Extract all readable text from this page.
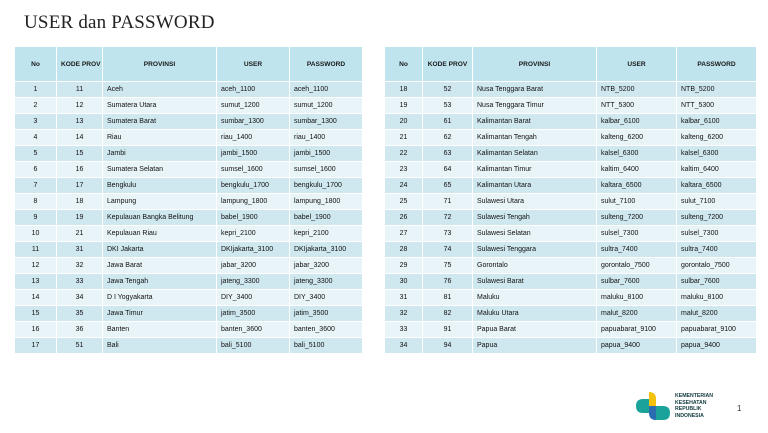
USER dan PASSWORD
No	KODE PROV	PROVINSI	USER	PASSWORD
1	11	Aceh	aceh_1100	aceh_1100
2	12	Sumatera Utara	sumut_1200	sumut_1200
3	13	Sumatera Barat	sumbar_1300	sumbar_1300
4	14	Riau	riau_1400	riau_1400
5	15	Jambi	jambi_1500	jambi_1500
6	16	Sumatera Selatan	sumsel_1600	sumsel_1600
7	17	Bengkulu	bengkulu_1700	bengkulu_1700
8	18	Lampung	lampung_1800	lampung_1800
9	19	Kepulauan Bangka Belitung	babel_1900	babel_1900
10	21	Kepulauan Riau	kepri_2100	kepri_2100
11	31	DKI Jakarta	DKIjakarta_3100	DKIjakarta_3100
12	32	Jawa Barat	jabar_3200	jabar_3200
13	33	Jawa Tengah	jateng_3300	jateng_3300
14	34	D I Yogyakarta	DIY_3400	DIY_3400
15	35	Jawa Timur	jatim_3500	jatim_3500
16	36	Banten	banten_3600	banten_3600
17	51	Bali	bali_5100	bali_5100
No	KODE PROV	PROVINSI	USER	PASSWORD
18	52	Nusa Tenggara Barat	NTB_5200	NTB_5200
19	53	Nusa Tenggara Timur	NTT_5300	NTT_5300
20	61	Kalimantan Barat	kalbar_6100	kalbar_6100
21	62	Kalimantan Tengah	kalteng_6200	kalteng_6200
22	63	Kalimantan Selatan	kalsel_6300	kalsel_6300
23	64	Kalimantan Timur	kaltim_6400	kaltim_6400
24	65	Kalimantan Utara	kaltara_6500	kaltara_6500
25	71	Sulawesi Utara	sulut_7100	sulut_7100
26	72	Sulawesi Tengah	sulteng_7200	sulteng_7200
27	73	Sulawesi Selatan	sulsel_7300	sulsel_7300
28	74	Sulawesi Tenggara	sultra_7400	sultra_7400
29	75	Gorontalo	gorontalo_7500	gorontalo_7500
30	76	Sulawesi Barat	sulbar_7600	sulbar_7600
31	81	Maluku	maluku_8100	maluku_8100
32	82	Maluku Utara	malut_8200	malut_8200
33	91	Papua Barat	papuabarat_9100	papuabarat_9100
34	94	Papua	papua_9400	papua_9400
KEMENTERIAN
KESEHATAN
REPUBLIK
INDONESIA
1
